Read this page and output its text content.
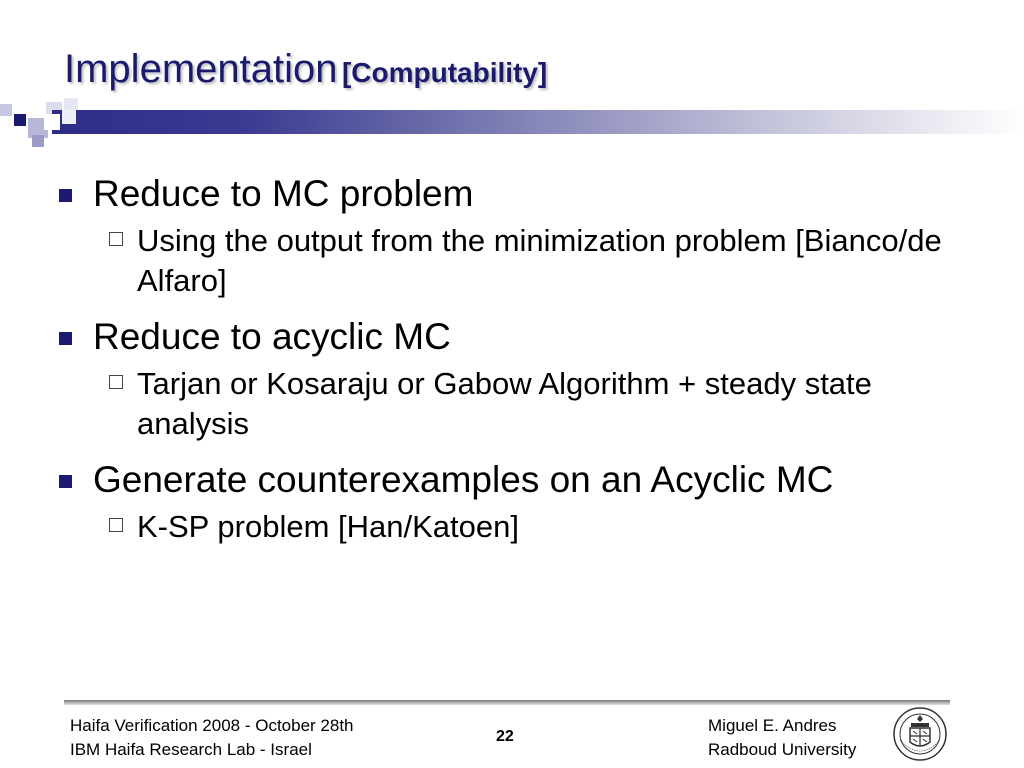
Implementation [Computability]
Reduce to MC problem
Using the output from the minimization problem [Bianco/de Alfaro]
Reduce to acyclic MC
Tarjan or Kosaraju or Gabow Algorithm + steady state analysis
Generate counterexamples on an Acyclic MC
K-SP problem [Han/Katoen]
Haifa Verification 2008 - October 28th
IBM Haifa Research Lab - Israel
22
Miguel E. Andres
Radboud University
